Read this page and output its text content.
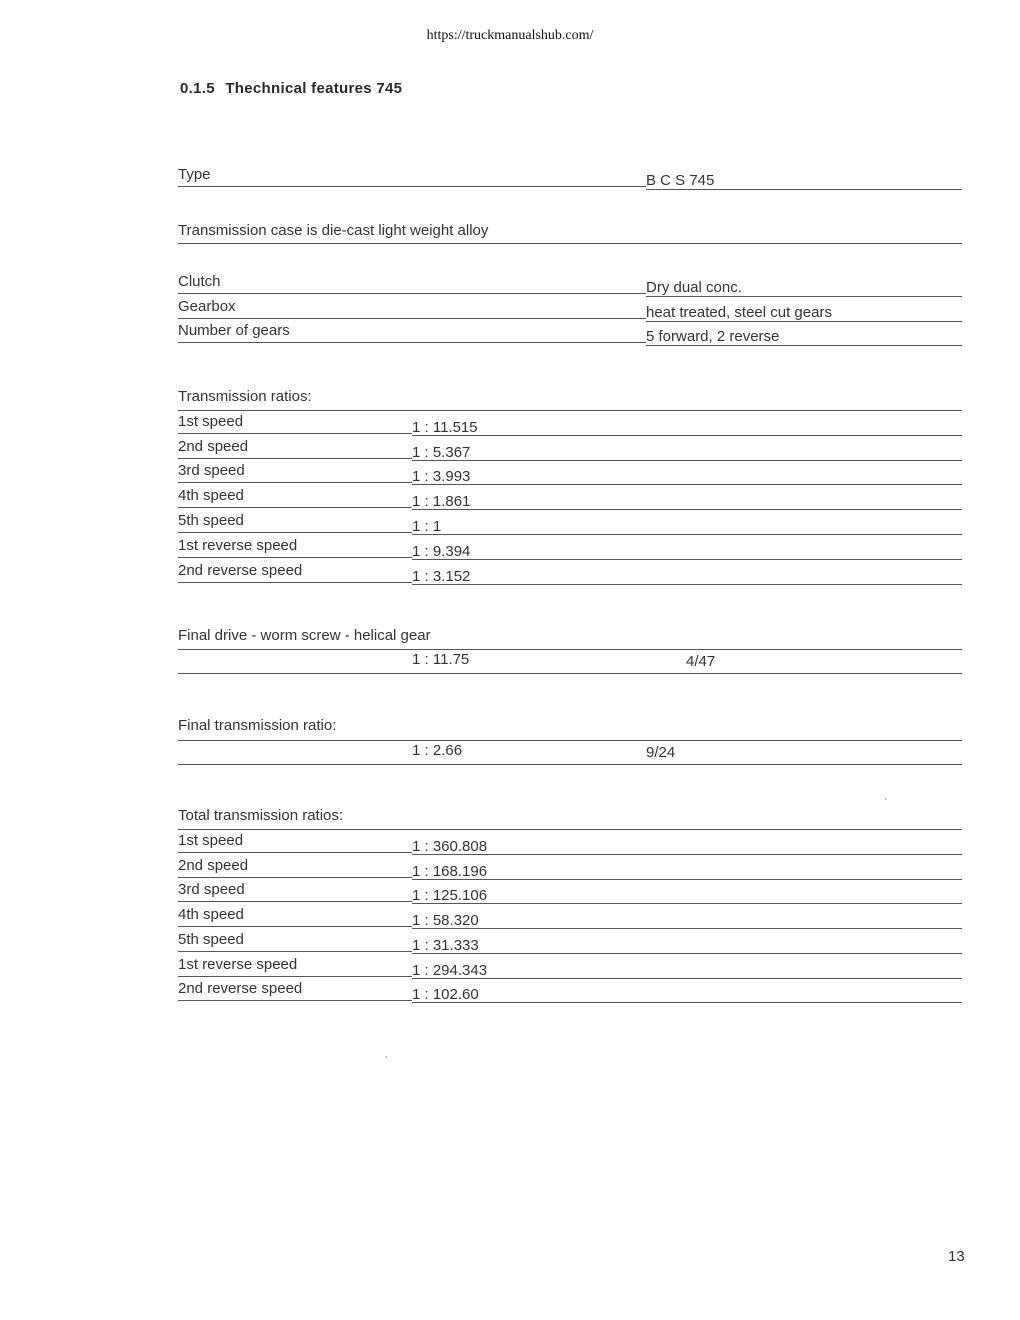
https://truckmanualshub.com/
0.1.5 Thechnical features 745
Type	B C S 745
Transmission case is die-cast light weight alloy
Clutch	Dry dual conc.
Gearbox	heat treated, steel cut gears
Number of gears	5 forward, 2 reverse
Transmission ratios:
1st speed	1 : 11.515
2nd speed	1 : 5.367
3rd speed	1 : 3.993
4th speed	1 : 1.861
5th speed	1 : 1
1st reverse speed	1 : 9.394
2nd reverse speed	1 : 3.152
Final drive - worm screw - helical gear
1 : 11.75	4/47
Final transmission ratio:
1 : 2.66	9/24
Total transmission ratios:
1st speed	1 : 360.808
2nd speed	1 : 168.196
3rd speed	1 : 125.106
4th speed	1 : 58.320
5th speed	1 : 31.333
1st reverse speed	1 : 294.343
2nd reverse speed	1 : 102.60
13
